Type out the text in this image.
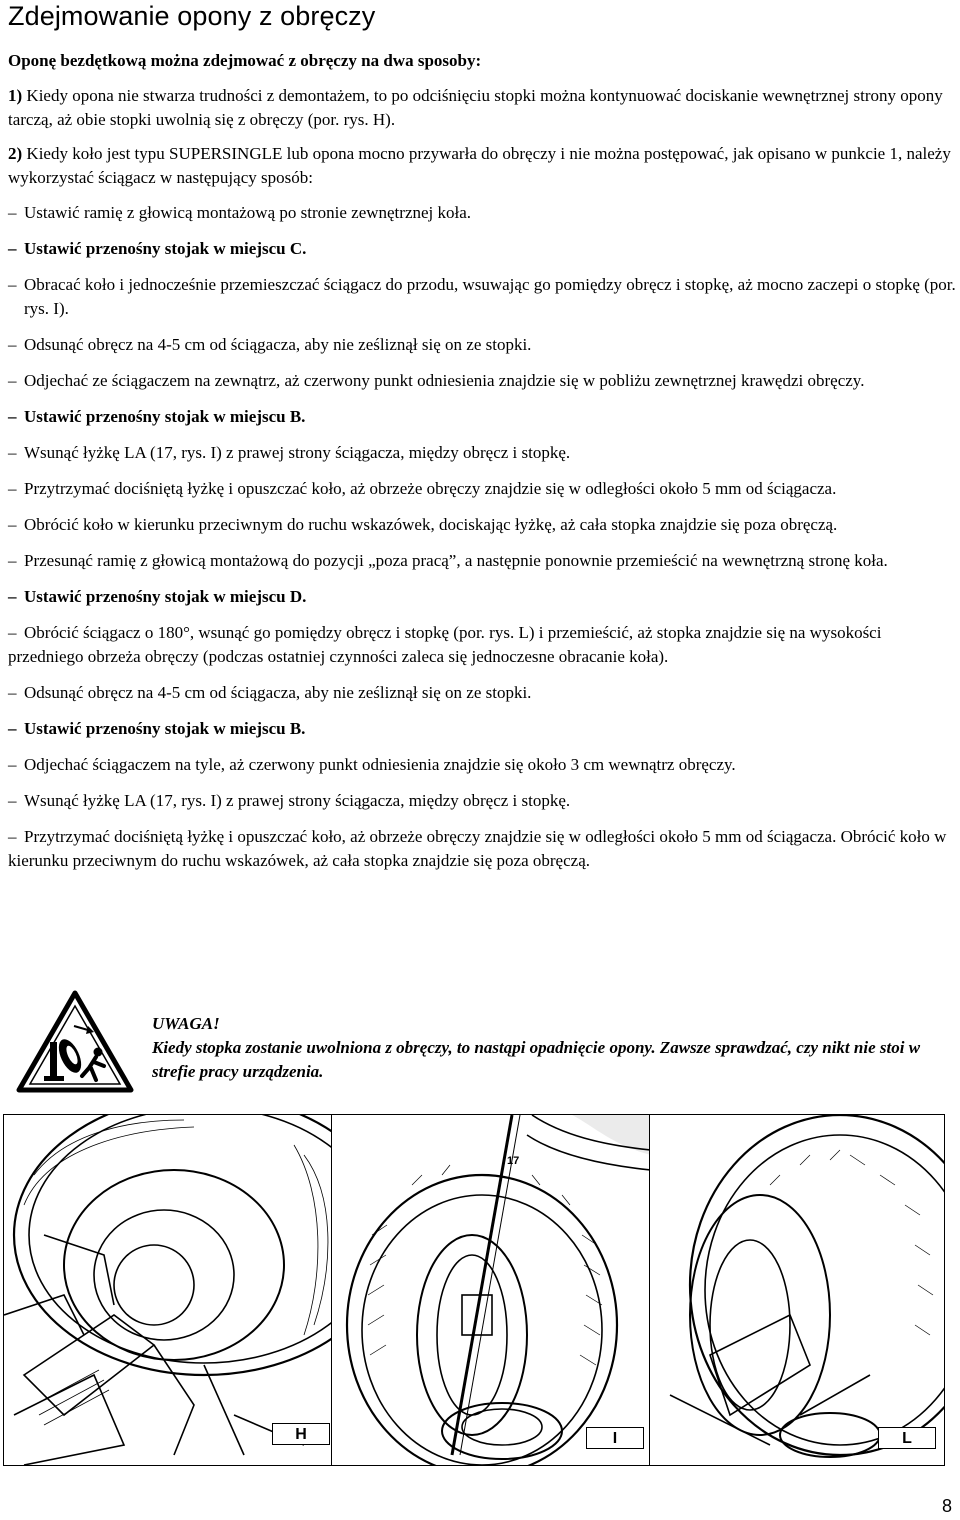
Zdejmowanie opony z obręczy

Oponę bezdętkową można zdejmować z obręczy na dwa sposoby:

1) Kiedy opona nie stwarza trudności z demontażem, to po odciśnięciu stopki można kontynuować dociskanie wewnętrznej strony opony tarczą, aż obie stopki uwolnią się z obręczy (por. rys. H).

2) Kiedy koło jest typu SUPERSINGLE lub opona mocno przywarła do obręczy i nie można postępować, jak opisano w punkcie 1, należy wykorzystać ściągacz w następujący sposób:

– Ustawić ramię z głowicą montażową po stronie zewnętrznej koła.
– Ustawić przenośny stojak w miejscu C.
– Obracać koło i jednocześnie przemieszczać ściągacz do przodu, wsuwając go pomiędzy obręcz i stopkę, aż mocno zaczepi o stopkę (por. rys. I).
– Odsunąć obręcz na 4-5 cm od ściągacza, aby nie ześliznął się on ze stopki.
– Odjechać ze ściągaczem na zewnątrz, aż czerwony punkt odniesienia znajdzie się w pobliżu zewnętrznej krawędzi obręczy.
– Ustawić przenośny stojak w miejscu B.
– Wsunąć łyżkę LA (17, rys. I) z prawej strony ściągacza, między obręcz i stopkę.
– Przytrzymać dociśniętą łyżkę i opuszczać koło, aż obrzeże obręczy znajdzie się w odległości około 5 mm od ściągacza.
– Obrócić koło w kierunku przeciwnym do ruchu wskazówek, dociskając łyżkę, aż cała stopka znajdzie się poza obręczą.
– Przesunąć ramię z głowicą montażową do pozycji „poza pracą”, a następnie ponownie przemieścić na wewnętrzną stronę koła.
– Ustawić przenośny stojak w miejscu D.
– Obrócić ściągacz o 180°, wsunąć go pomiędzy obręcz i stopkę (por. rys. L) i przemieścić, aż stopka znajdzie się na wysokości przedniego obrzeża obręczy (podczas ostatniej czynności zaleca się jednoczesne obracanie koła).
– Odsunąć obręcz na 4-5 cm od ściągacza, aby nie ześliznął się on ze stopki.
– Ustawić przenośny stojak w miejscu B.
– Odjechać ściągaczem na tyle, aż czerwony punkt odniesienia znajdzie się około 3 cm wewnątrz obręczy.
– Wsunąć łyżkę LA (17, rys. I) z prawej strony ściągacza, między obręcz i stopkę.
– Przytrzymać dociśniętą łyżkę i opuszczać koło, aż obrzeże obręczy znajdzie się w odległości około 5 mm od ściągacza. Obrócić koło w kierunku przeciwnym do ruchu wskazówek, aż cała stopka znajdzie się poza obręczą.
UWAGA!
Kiedy stopka zostanie uwolniona z obręczy, to nastąpi opadnięcie opony. Zawsze sprawdzać, czy nikt nie stoi w strefie pracy urządzenia.
H
17
I	L
8
